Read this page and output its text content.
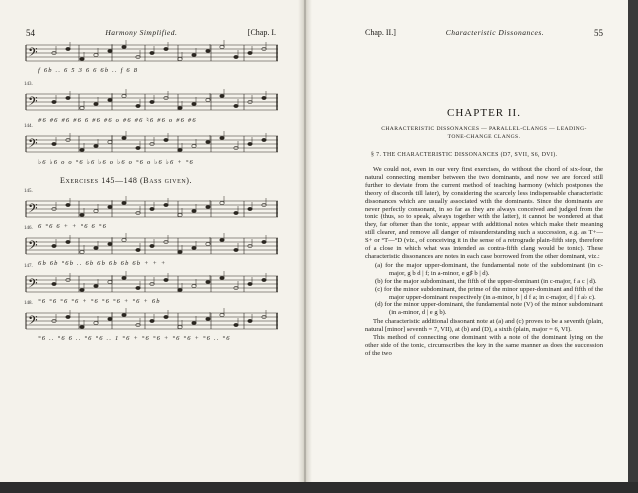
54	Harmony Simplified.	[Chap. I.
𝄢
f 6b .. 6 5 3 6 6 6b .. f 6 8
143.
𝄢
#6 #6 #6 #6 6 #6 #6 o #6 #6 ♮6 #6 o #6 #6
144.
𝄢
♭6 ♭6 o o °6 ♭6 ♭6 o ♭6 o °6 o ♭6 ♭6 + °6
Exercises 145—148 (Bass given).
145.
𝄢
6 °6 6 + + °6 6 °6
146.
𝄢
6b 6b °6b .. 6b 6b 6b 6b 6b + + +
147.
𝄢
°6 °6 °6 °6 + °6 °6 °6 + °6 + 6b
148.
𝄢
°6 .. °6 6 .. °6 °6 .. 1 °6 + °6 °6 + °6 °6 + °6 .. °6
Chap. II.]	Characteristic Dissonances.	55
CHAPTER II.
CHARACTERISTIC DISSONANCES — PARALLEL-CLANGS — LEADING-
TONE-CHANGE CLANGS.
§ 7. THE CHARACTERISTIC DISSONANCES (D7, SVII, S6, DVI).

We could not, even in our very first exercises, do without the chord of six-four, the natural connecting member between the two dominants, and now we are forced still further to deviate from the current method of teaching harmony (which postpones the theory of discords till later), by considering the scarcely less indispensable characteristic dissonances which are usually associated with the dominants. Since the dominants are never perfectly consonant, in so far as they are always conceived and judged from the tonic (thus, so to speak, always together with the latter), it cannot be wondered at that they, far oftener than the tonic, appear with additional notes which make their meaning still clearer, and remove all danger of misunderstanding such a succession, e.g. as T+—S+ or °T—°D (viz., of conceiving it in the sense of a retrograde plain-fifth step, therefore of a close in which what was intended as contra-fifth clang would be tonic). These characteristic dissonances are notes in each case borrowed from the other dominant, viz.:

(a) for the major upper-dominant, the fundamental note of the subdominant (in c-major, g b d | f; in a-minor, e g♯ b | d).
(b) for the major subdominant, the fifth of the upper-dominant (in c-major, f a c | d).
(c) for the minor subdominant, the prime of the minor upper-dominant and fifth of the major upper-dominant respectively (in a-minor, b | d f a; in c-major, d | f a♭ c).
(d) for the minor upper-dominant, the fundamental note (V) of the minor subdominant (in a-minor, d | e g b).

The characteristic additional dissonant note at (a) and (c) proves to be a seventh (plain, natural [minor] seventh = 7, VII), at (b) and (D), a sixth (plain, major = 6, VI).

This method of connecting one dominant with a note of the dominant lying on the other side of the tonic, circumscribes the key in the same manner as does the succession of the two
